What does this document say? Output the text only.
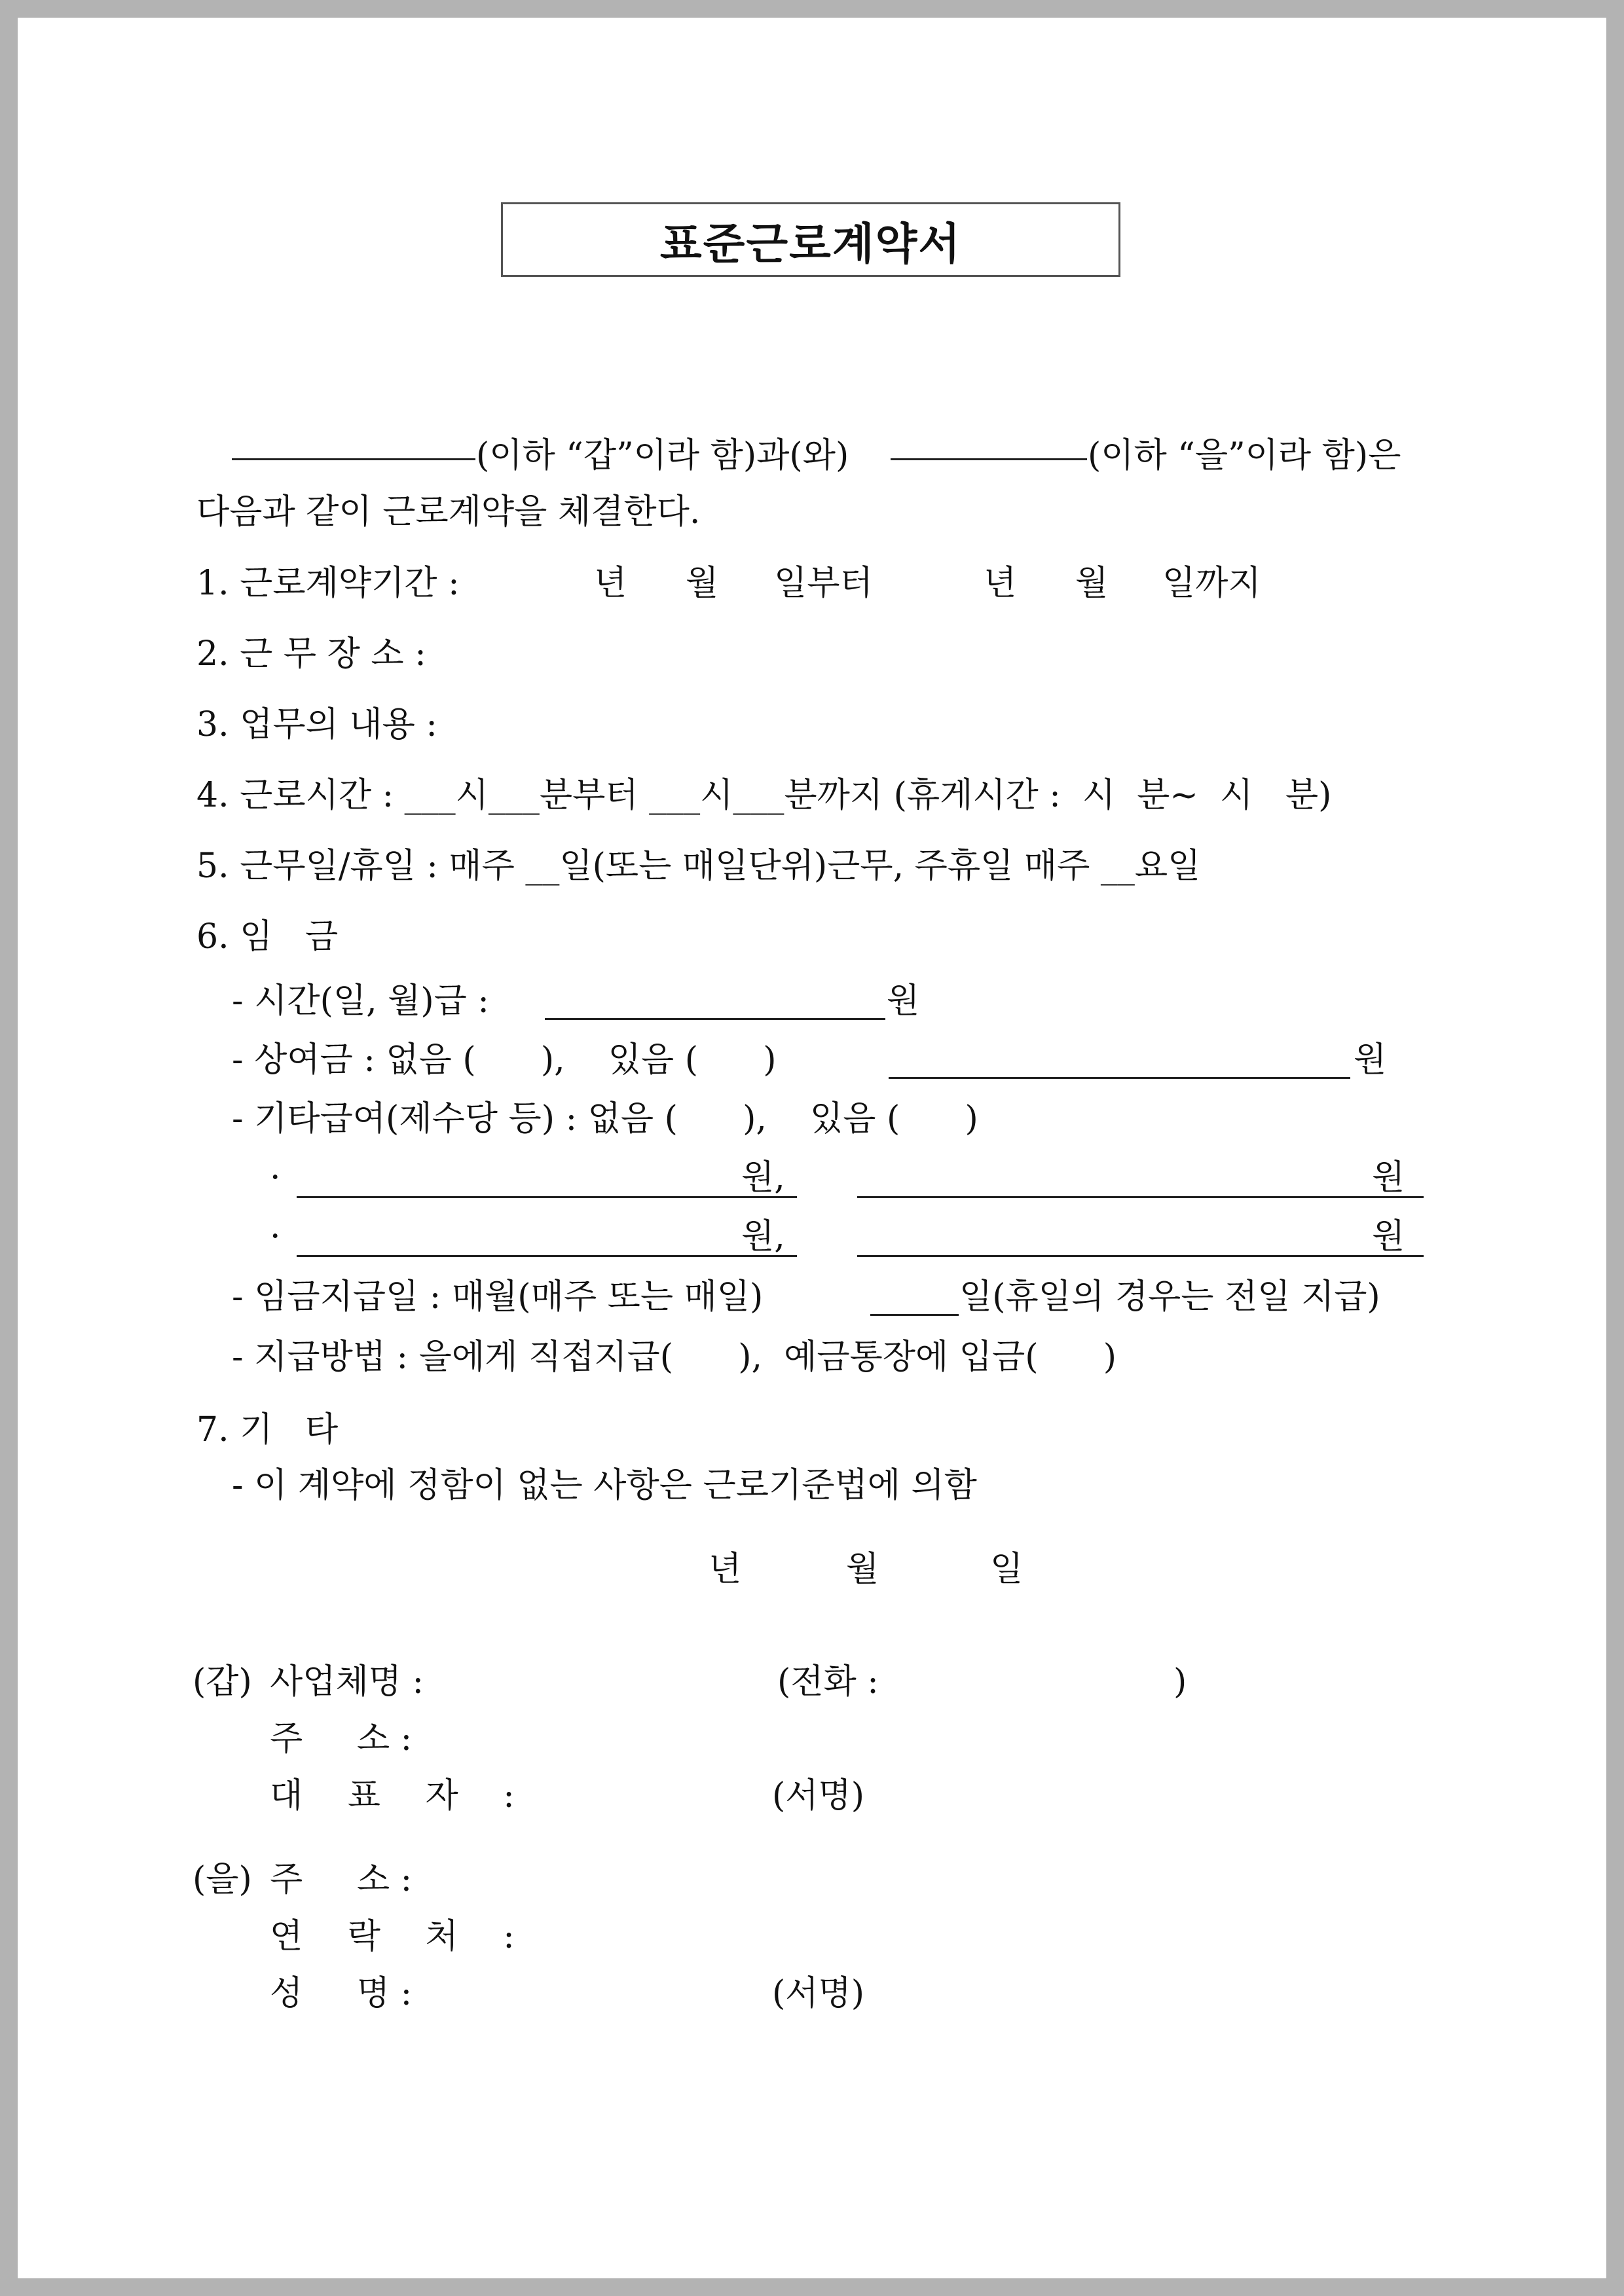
표준근로계약서
(이하 “갑”이라 함)과(와)	(이하 “을”이라 함)은
다음과 같이 근로계약을 체결한다.
1. 근로계약기간 :	년 월 일부터	년 월 일까지
2. 근 무 장 소 :
3. 업무의 내용 :
4. 근로시간 : ___시___분부터 ___시___분까지 (휴게시간 :  시  분~  시   분)
5. 근무일/휴일 : 매주 __일(또는 매일단위)근무, 주휴일 매주 __요일
6. 임   금
- 시간(일, 월)급 :	원
- 상여금 : 없음 (      ),    있음 (      )	원
- 기타급여(제수당 등) : 없음 (      ),    있음 (      )
·	원,	원
·	원,	원
- 임금지급일 : 매월(매주 또는 매일)	일(휴일의 경우는 전일 지급)
- 지급방법 : 을에게 직접지급(      ),  예금통장에 입금(      )
7. 기   타
- 이 계약에 정함이 없는 사항은 근로기준법에 의함
년	월	일
(갑) 사업체명 :	(전화 :	)
주     소 :
대 표 자 :	(서명)
(을) 주     소 :
연 락 처 :
성     명 :	(서명)
